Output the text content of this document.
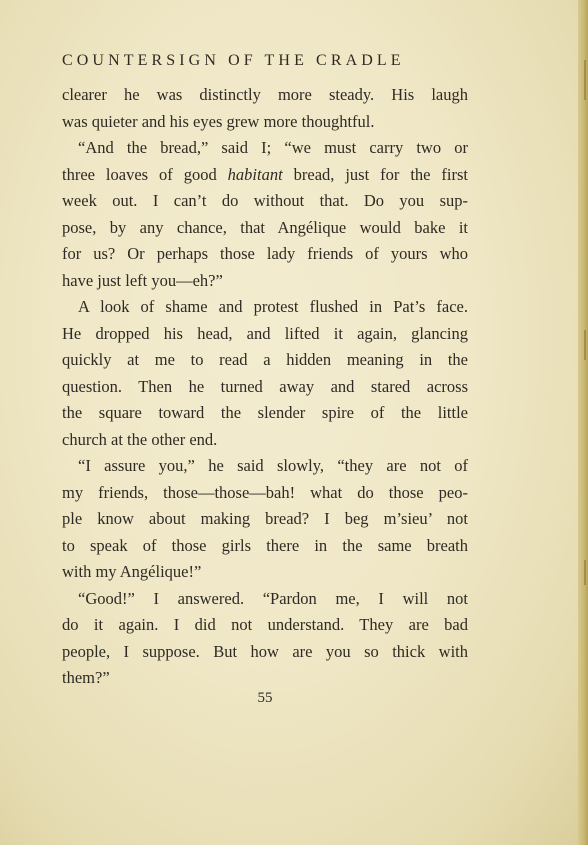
COUNTERSIGN OF THE CRADLE
clearer he was distinctly more steady. His laugh
was quieter and his eyes grew more thoughtful.
“And the bread,” said I; “we must carry two or
three loaves of good habitant bread, just for the first
week out. I can’t do without that. Do you sup-
pose, by any chance, that Angélique would bake it
for us? Or perhaps those lady friends of yours who
have just left you—eh?”
A look of shame and protest flushed in Pat’s face.
He dropped his head, and lifted it again, glancing
quickly at me to read a hidden meaning in the
question. Then he turned away and stared across
the square toward the slender spire of the little
church at the other end.
“I assure you,” he said slowly, “they are not of
my friends, those—those—bah! what do those peo-
ple know about making bread? I beg m’sieu’ not
to speak of those girls there in the same breath
with my Angélique!”
“Good!” I answered. “Pardon me, I will not
do it again. I did not understand. They are bad
people, I suppose. But how are you so thick with
them?”
55
